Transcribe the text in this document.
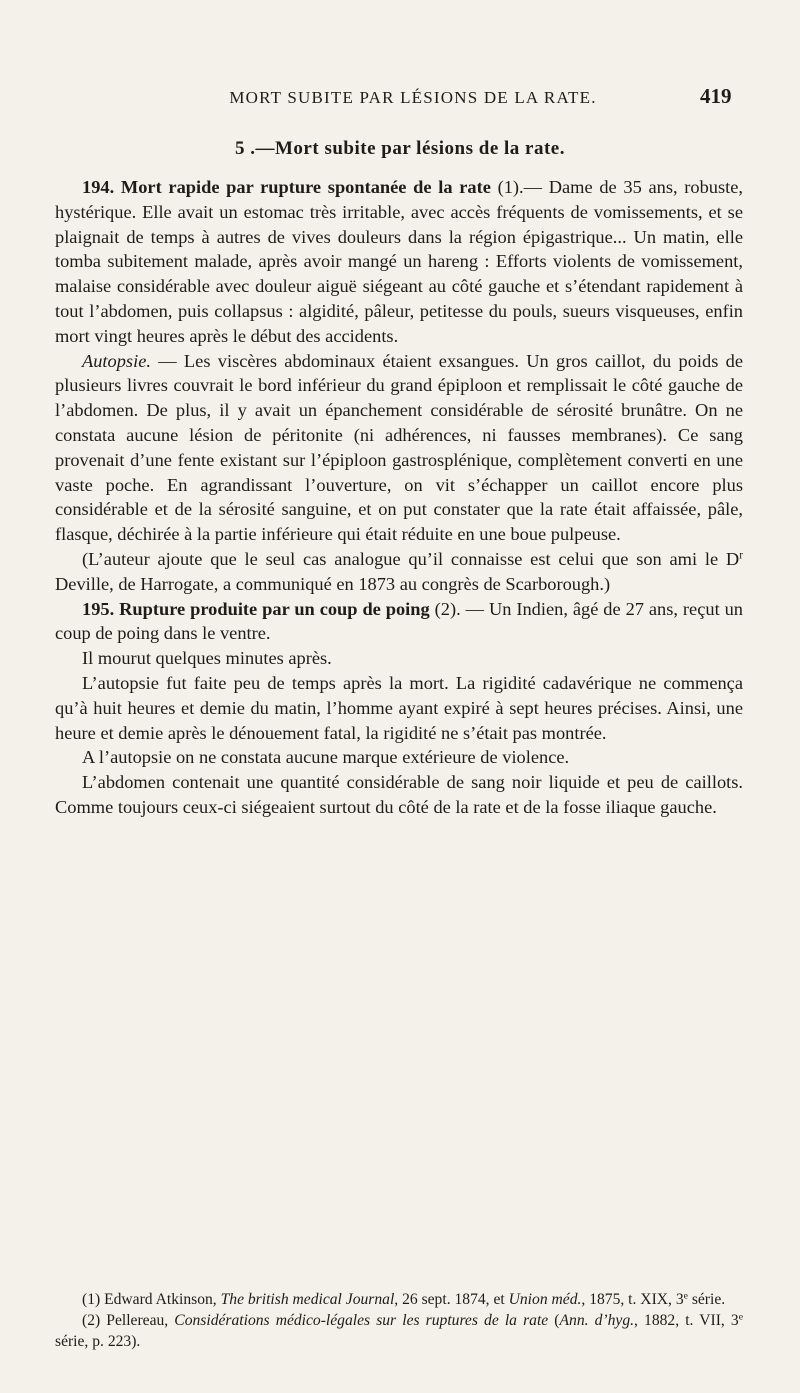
MORT SUBITE PAR LÉSIONS DE LA RATE.	419
5 .—Mort subite par lésions de la rate.

194. Mort rapide par rupture spontanée de la rate (1).— Dame de 35 ans, robuste, hystérique. Elle avait un estomac très irritable, avec accès fréquents de vomissements, et se plaignait de temps à autres de vives douleurs dans la région épigastrique... Un matin, elle tomba subitement malade, après avoir mangé un hareng : Efforts violents de vomissement, malaise considérable avec douleur aiguë siégeant au côté gauche et s’étendant rapidement à tout l’abdomen, puis collapsus : algidité, pâleur, petitesse du pouls, sueurs visqueuses, enfin mort vingt heures après le début des accidents.

Autopsie. — Les viscères abdominaux étaient exsangues. Un gros caillot, du poids de plusieurs livres couvrait le bord inférieur du grand épiploon et remplissait le côté gauche de l’abdomen. De plus, il y avait un épanchement considérable de sérosité brunâtre. On ne constata aucune lésion de péritonite (ni adhérences, ni fausses membranes). Ce sang provenait d’une fente existant sur l’épiploon gastrosplénique, complètement converti en une vaste poche. En agrandissant l’ouverture, on vit s’échapper un caillot encore plus considérable et de la sérosité sanguine, et on put constater que la rate était affaissée, pâle, flasque, déchirée à la partie inférieure qui était réduite en une boue pulpeuse.

(L’auteur ajoute que le seul cas analogue qu’il connaisse est celui que son ami le $D^r$ Deville, de Harrogate, a communiqué en 1873 au congrès de Scarborough.)

195. Rupture produite par un coup de poing (2). — Un Indien, âgé de 27 ans, reçut un coup de poing dans le ventre.

Il mourut quelques minutes après.

L’autopsie fut faite peu de temps après la mort. La rigidité cadavérique ne commença qu’à huit heures et demie du matin, l’homme ayant expiré à sept heures précises. Ainsi, une heure et demie après le dénouement fatal, la rigidité ne s’était pas montrée.

A l’autopsie on ne constata aucune marque extérieure de violence.

L’abdomen contenait une quantité considérable de sang noir liquide et peu de caillots. Comme toujours ceux-ci siégeaient surtout du côté de la rate et de la fosse iliaque gauche.

(1) Edward Atkinson, The british medical Journal, 26 sept. 1874, et Union méd., 1875, t. XIX, 3e série.

(2) Pellereau, Considérations médico-légales sur les ruptures de la rate (Ann. d’hyg., 1882, t. VII, 3e série, p. 223).
